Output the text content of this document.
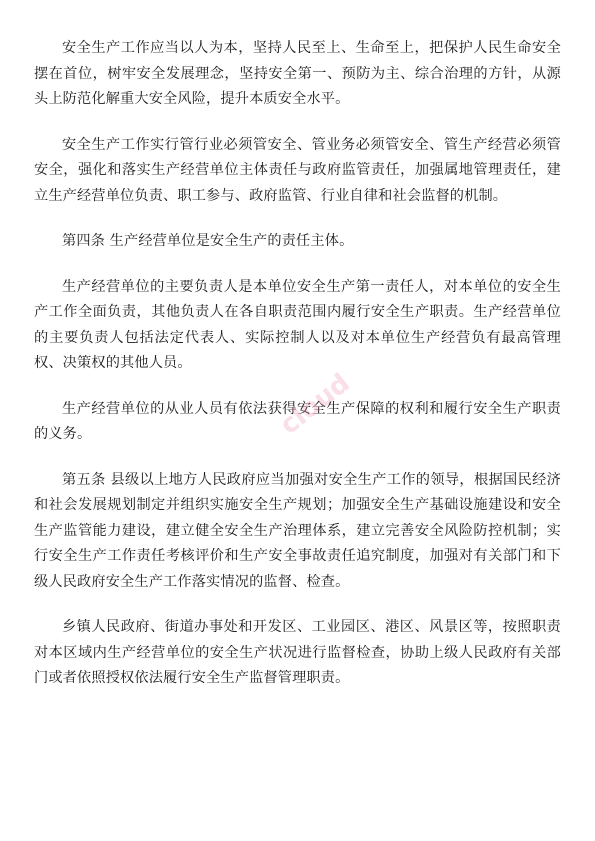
安全生产工作应当以人为本，坚持人民至上、生命至上，把保护人民生命安全摆在首位，树牢安全发展理念，坚持安全第一、预防为主、综合治理的方针，从源头上防范化解重大安全风险，提升本质安全水平。

安全生产工作实行管行业必须管安全、管业务必须管安全、管生产经营必须管安全，强化和落实生产经营单位主体责任与政府监管责任，加强属地管理责任，建立生产经营单位负责、职工参与、政府监管、行业自律和社会监督的机制。

第四条 生产经营单位是安全生产的责任主体。

生产经营单位的主要负责人是本单位安全生产第一责任人，对本单位的安全生产工作全面负责，其他负责人在各自职责范围内履行安全生产职责。生产经营单位的主要负责人包括法定代表人、实际控制人以及对本单位生产经营负有最高管理权、决策权的其他人员。

生产经营单位的从业人员有依法获得安全生产保障的权利和履行安全生产职责的义务。

第五条 县级以上地方人民政府应当加强对安全生产工作的领导，根据国民经济和社会发展规划制定并组织实施安全生产规划；加强安全生产基础设施建设和安全生产监管能力建设，建立健全安全生产治理体系，建立完善安全风险防控机制；实行安全生产工作责任考核评价和生产安全事故责任追究制度，加强对有关部门和下级人民政府安全生产工作落实情况的监督、检查。

乡镇人民政府、街道办事处和开发区、工业园区、港区、风景区等，按照职责对本区域内生产经营单位的安全生产状况进行监督检查，协助上级人民政府有关部门或者依照授权依法履行安全生产监督管理职责。

cloud
